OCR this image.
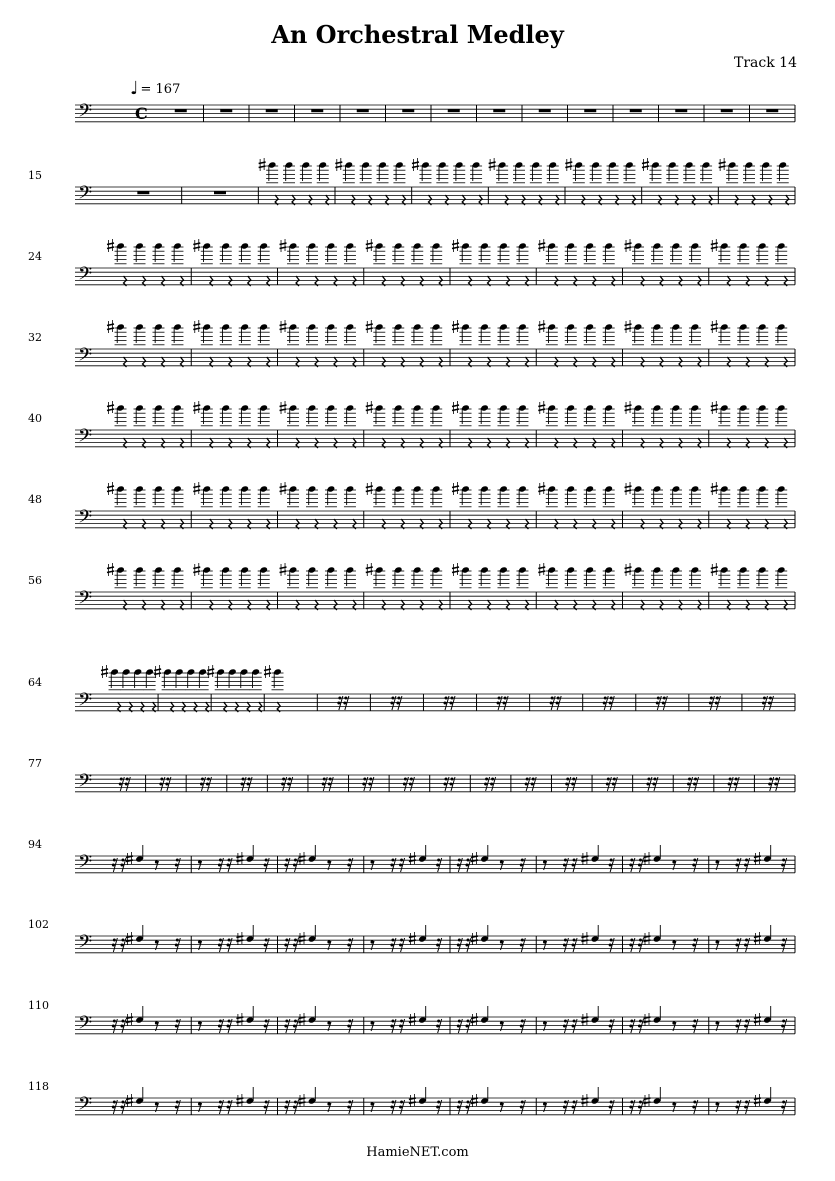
An Orchestral Medley
Track 14
♩ = 167
𝄢	C
𝄢
𝄢
𝄢
𝄢
𝄢
𝄢
𝄢
𝄢
𝄢
𝄢
𝄢
𝄢
15
24
32
40
48
56
64
77
94
102
110
118
HamieNET.com
